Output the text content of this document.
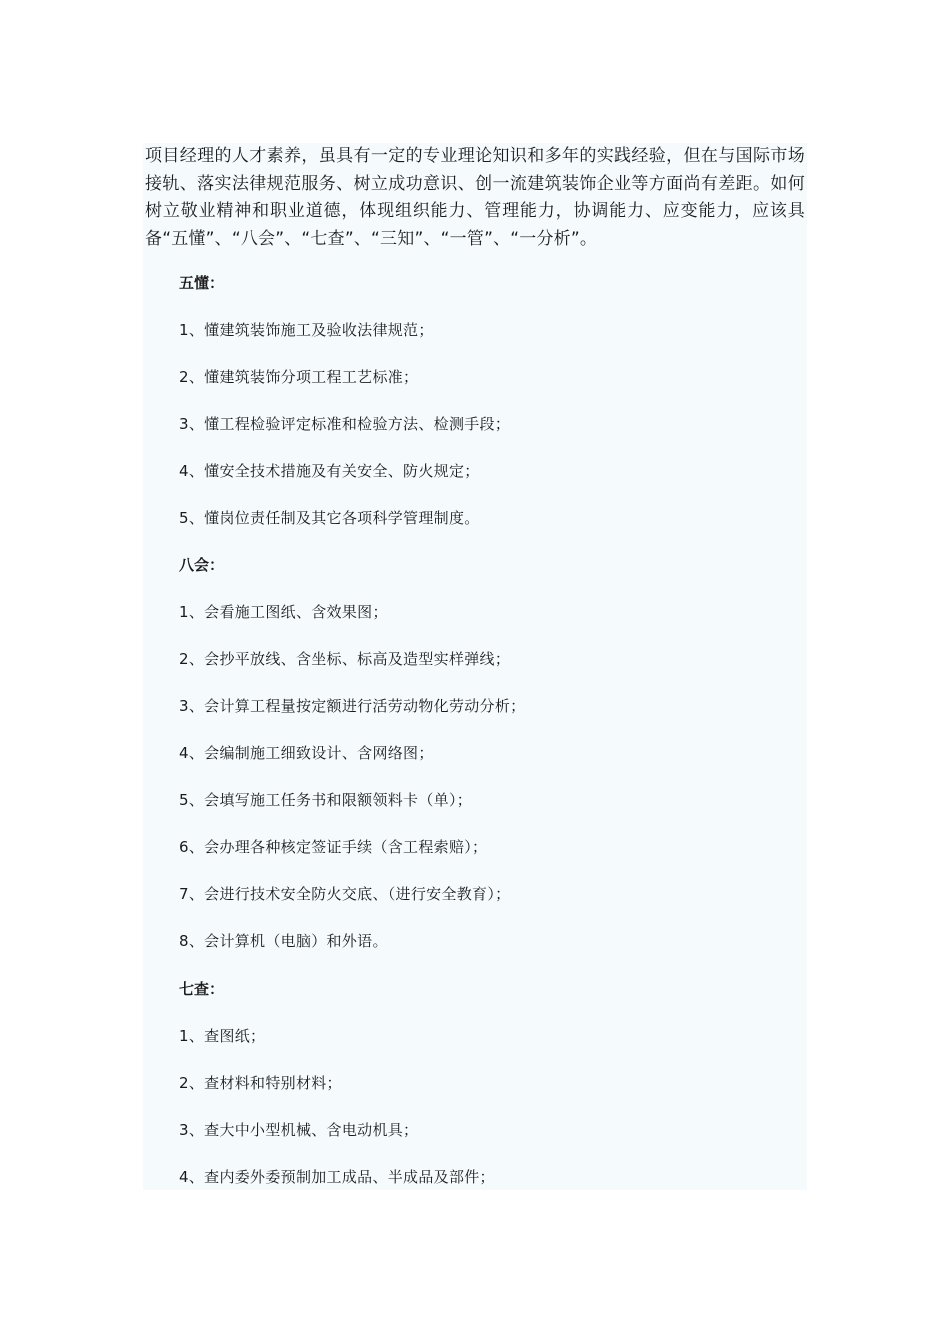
项目经理的人才素养，虽具有一定的专业理论知识和多年的实践经验，但在与国际市场接轨、落实法律规范服务、树立成功意识、创一流建筑装饰企业等方面尚有差距。如何树立敬业精神和职业道德，体现组织能力、管理能力，协调能力、应变能力，应该具备“五懂”、“八会”、“七查”、“三知”、“一管”、“一分析”。

五懂：
1、懂建筑装饰施工及验收法律规范；
2、懂建筑装饰分项工程工艺标准；
3、懂工程检验评定标准和检验方法、检测手段；
4、懂安全技术措施及有关安全、防火规定；
5、懂岗位责任制及其它各项科学管理制度。
八会：
1、会看施工图纸、含效果图；
2、会抄平放线、含坐标、标高及造型实样弹线；
3、会计算工程量按定额进行活劳动物化劳动分析；
4、会编制施工细致设计、含网络图；
5、会填写施工任务书和限额领料卡（单）；
6、会办理各种核定签证手续（含工程索赔）；
7、会进行技术安全防火交底、（进行安全教育）；
8、会计算机（电脑）和外语。
七查：
1、查图纸；
2、查材料和特别材料；
3、查大中小型机械、含电动机具；
4、查内委外委预制加工成品、半成品及部件；
